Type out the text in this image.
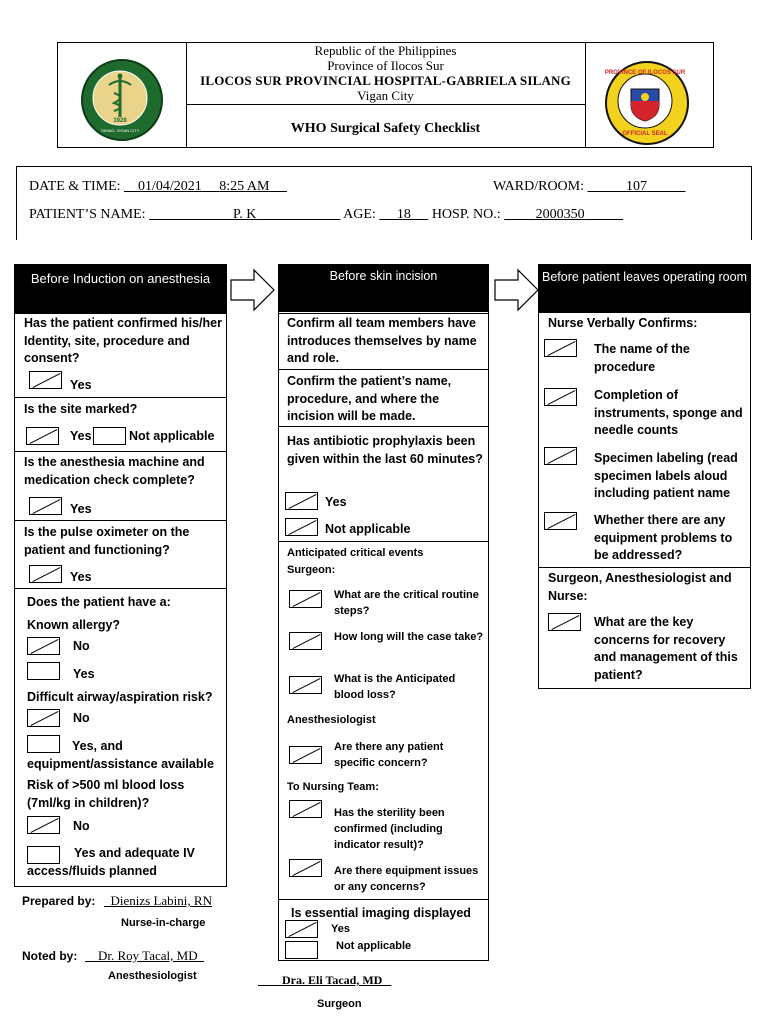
1928
TAMAG, VIGAN CITY
Republic of the Philippines
Province of Ilocos Sur
ILOCOS SUR PROVINCIAL HOSPITAL-GABRIELA SILANG
Vigan City
WHO Surgical Safety Checklist
PROVINCE OF ILOCOS SUR
OFFICIAL SEAL
DATE & TIME: 01/04/2021 8:25 AM	WARD/ROOM:	107
PATIENT’S NAME:	P. K	AGE: 18 HOSP. NO.:	2000350
Before Induction on anesthesia
Has the patient confirmed his/her Identity, site, procedure and consent?
Yes
Is the site marked?
Yes	Not applicable
Is the anesthesia machine and medication check complete?
Yes
Is the pulse oximeter on the patient and functioning?
Yes
Does the patient have a:
Known allergy?
No
Yes
Difficult airway/aspiration risk?
No
Yes, and equipment/assistance available
Risk of >500 ml blood loss (7ml/kg in children)?
No
Yes and adequate IV access/fluids planned
Before skin incision
Confirm all team members have introduces themselves by name and role.
Confirm the patient’s name, procedure, and where the incision will be made.
Has antibiotic prophylaxis been given within the last 60 minutes?
Yes
Not applicable
Anticipated critical events
Surgeon:
What are the critical routine steps?
How long will the case take?
What is the Anticipated blood loss?
Anesthesiologist
Are there any patient specific concern?
To Nursing Team:
Has the sterility been confirmed (including indicator result)?
Are there equipment issues or any concerns?
Is essential imaging displayed
Yes
Not applicable
Before patient leaves operating room
Nurse Verbally Confirms:
The name of the procedure
Completion of instruments, sponge and needle counts
Specimen labeling (read specimen labels aloud including patient name
Whether there are any equipment problems to be addressed?
Surgeon, Anesthesiologist and Nurse:
What are the key concerns for recovery and management of this patient?
Prepared by:	Dienizs Labini, RN
Nurse-in-charge
Noted by:	Dr. Roy Tacal, MD
Anesthesiologist	Dra. Eli Tacad, MD
Surgeon
